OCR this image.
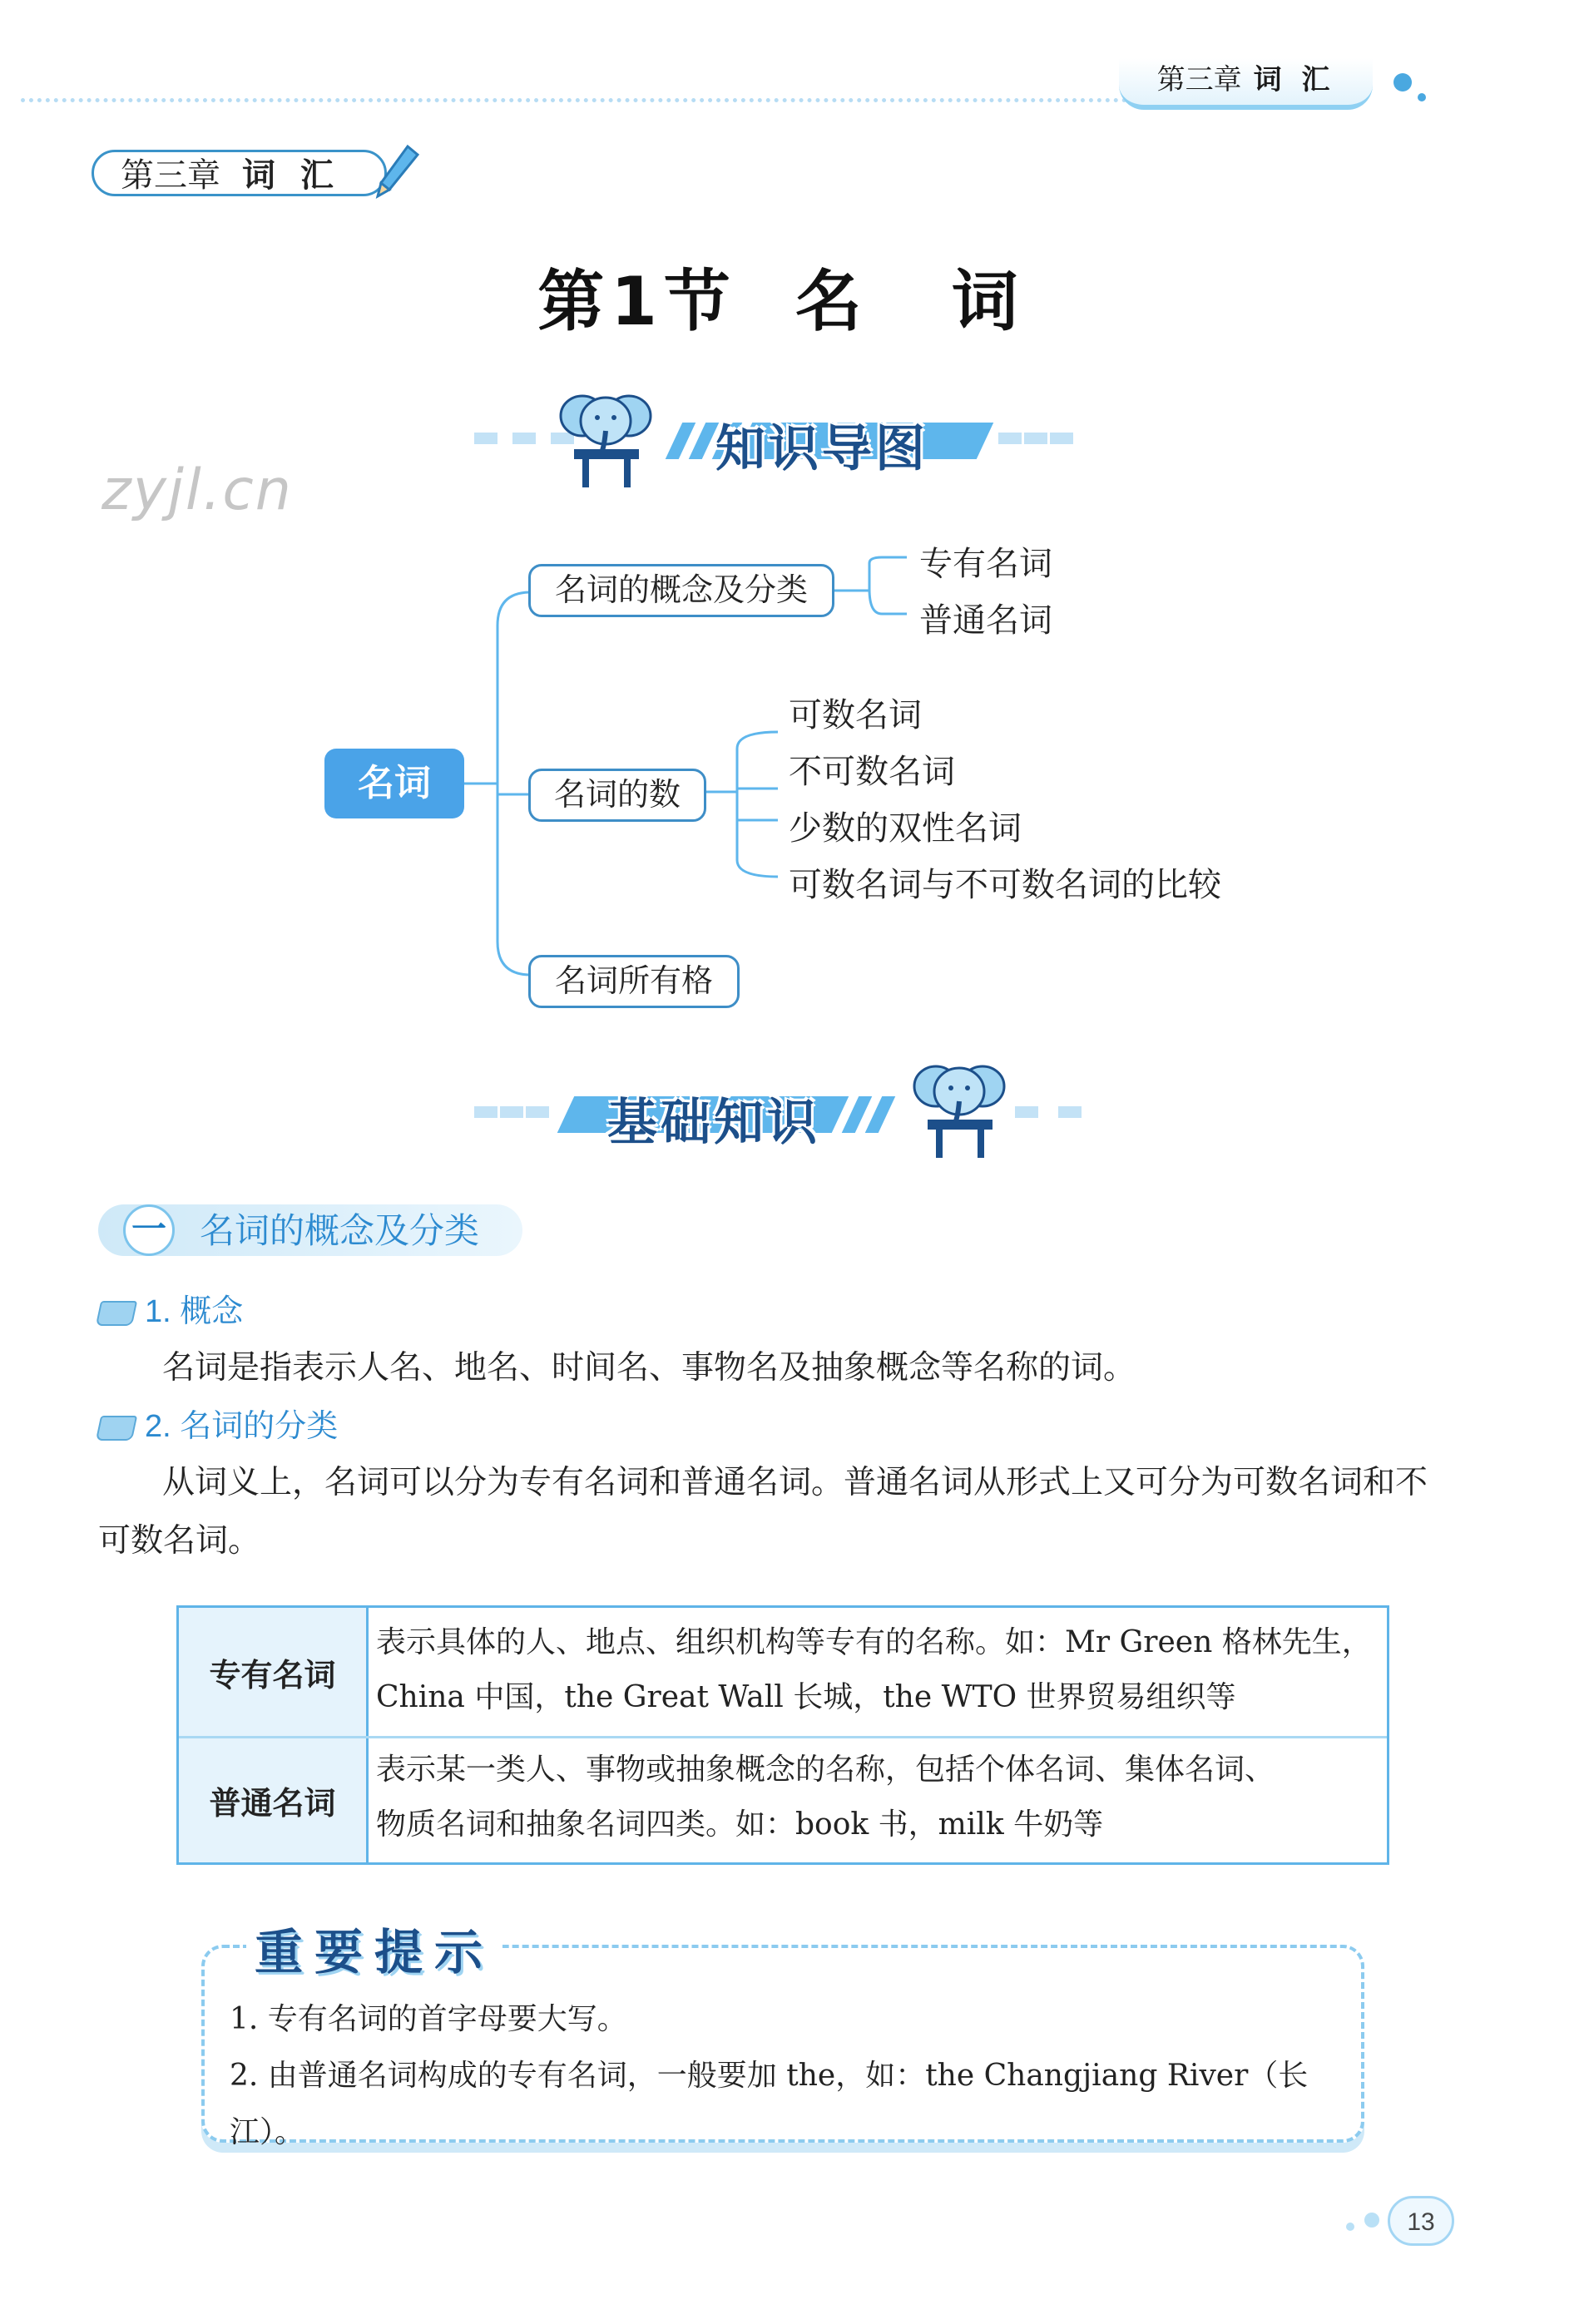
第三章 词 汇
第三章 词 汇
第1节 名 词
zyjl.cn
知识导图
名词
名词的概念及分类
专有名词
普通名词
名词的数
可数名词
不可数名词
少数的双性名词
可数名词与不可数名词的比较
名词所有格
基础知识
一 名词的概念及分类
1. 概念
名词是指表示人名、地名、时间名、事物名及抽象概念等名称的词。
2. 名词的分类
从词义上，名词可以分为专有名词和普通名词。普通名词从形式上又可分为可数名词和不
可数名词。
专有名词
表示具体的人、地点、组织机构等专有的名称。如：Mr Green 格林先生，
China 中国，the Great Wall 长城，the WTO 世界贸易组织等
普通名词
表示某一类人、事物或抽象概念的名称，包括个体名词、集体名词、
物质名词和抽象名词四类。如：book 书，milk 牛奶等
1. 专有名词的首字母要大写。
2. 由普通名词构成的专有名词，一般要加 the，如：the Changjiang River（长江）。
重要提示
13
